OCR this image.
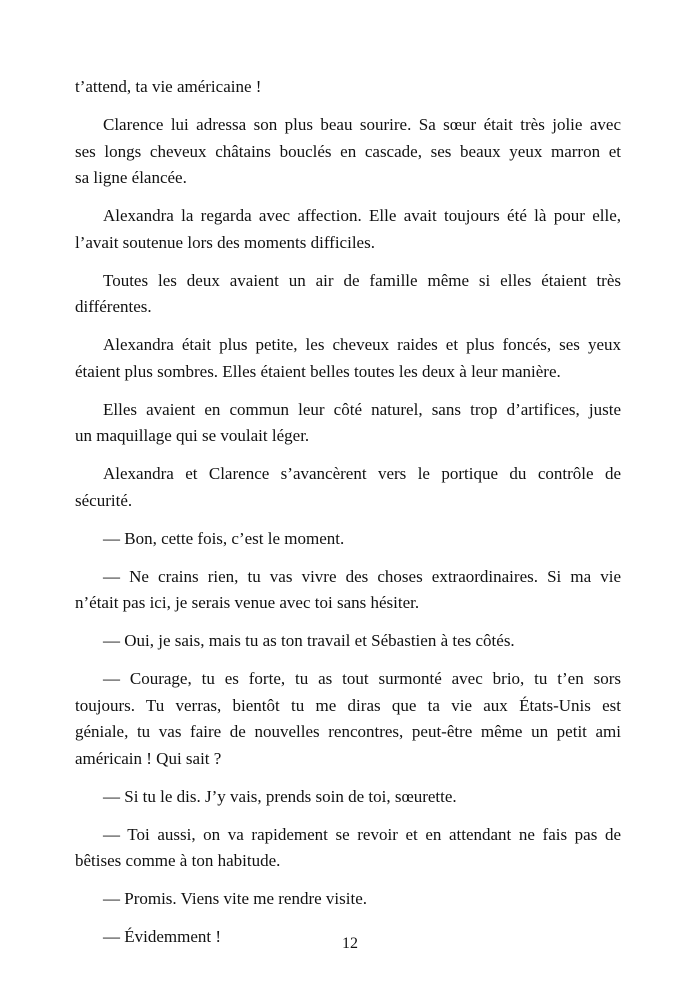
t’attend, ta vie américaine !

Clarence lui adressa son plus beau sourire. Sa sœur était très jolie avec
ses longs cheveux châtains bouclés en cascade, ses beaux yeux marron et
sa ligne élancée.

Alexandra la regarda avec affection. Elle avait toujours été là pour elle,
l’avait soutenue lors des moments difficiles.

Toutes les deux avaient un air de famille même si elles étaient très
différentes.

Alexandra était plus petite, les cheveux raides et plus foncés, ses yeux
étaient plus sombres. Elles étaient belles toutes les deux à leur manière.

Elles avaient en commun leur côté naturel, sans trop d’artifices, juste
un maquillage qui se voulait léger.

Alexandra et Clarence s’avancèrent vers le portique du contrôle de
sécurité.

— Bon, cette fois, c’est le moment.

— Ne crains rien, tu vas vivre des choses extraordinaires. Si ma vie
n’était pas ici, je serais venue avec toi sans hésiter.

— Oui, je sais, mais tu as ton travail et Sébastien à tes côtés.

— Courage, tu es forte, tu as tout surmonté avec brio, tu t’en sors
toujours. Tu verras, bientôt tu me diras que ta vie aux États-Unis est
géniale, tu vas faire de nouvelles rencontres, peut-être même un petit ami
américain ! Qui sait ?

— Si tu le dis. J’y vais, prends soin de toi, sœurette.

— Toi aussi, on va rapidement se revoir et en attendant ne fais pas de
bêtises comme à ton habitude.

— Promis. Viens vite me rendre visite.

— Évidemment !	12
